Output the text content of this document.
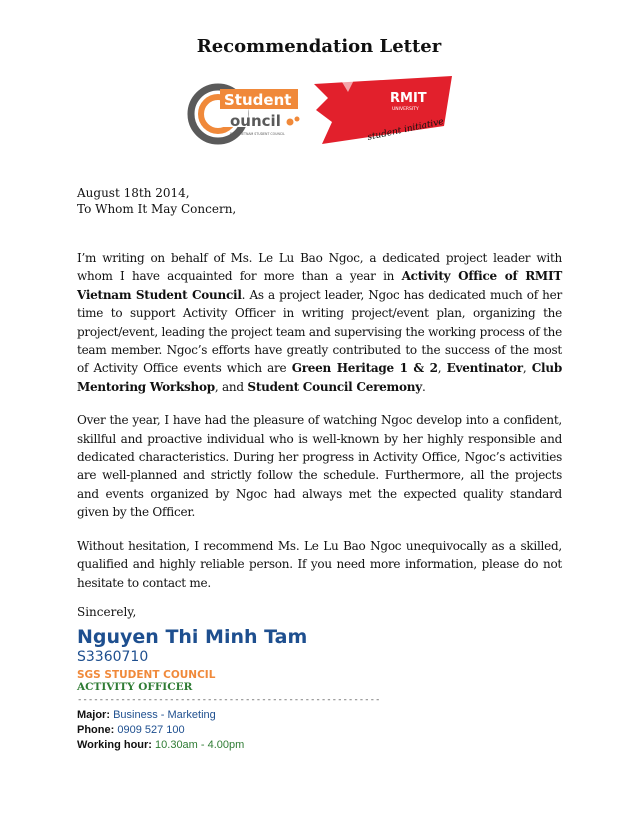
Recommendation Letter
Student
ouncil
RMIT VIETNAM STUDENT COUNCIL
RMIT
UNIVERSITY
student initiative

August 18th 2014,

To Whom It May Concern,

I’m writing on behalf of Ms. Le Lu Bao Ngoc, a dedicated project leader with whom I have acquainted for more than a year in Activity Office of RMIT Vietnam Student Council. As a project leader, Ngoc has dedicated much of her time to support Activity Officer in writing project/event plan, organizing the project/event, leading the project team and supervising the working process of the team member. Ngoc’s efforts have greatly contributed to the success of the most of Activity Office events which are Green Heritage 1 & 2, Eventinator, Club Mentoring Workshop, and Student Council Ceremony.

Over the year, I have had the pleasure of watching Ngoc develop into a confident, skillful and proactive individual who is well-known by her highly responsible and dedicated characteristics. During her progress in Activity Office, Ngoc’s activities are well-planned and strictly follow the schedule. Furthermore, all the projects and events organized by Ngoc had always met the expected quality standard given by the Officer.

Without hesitation, I recommend Ms. Le Lu Bao Ngoc unequivocally as a skilled, qualified and highly reliable person. If you need more information, please do not hesitate to contact me.

Sincerely,

Nguyen Thi Minh Tam

S3360710

SGS STUDENT COUNCIL

ACTIVITY OFFICER

--------------------------------------------------------

Major: Business - Marketing

Phone: 0909 527 100

Working hour: 10.30am - 4.00pm
